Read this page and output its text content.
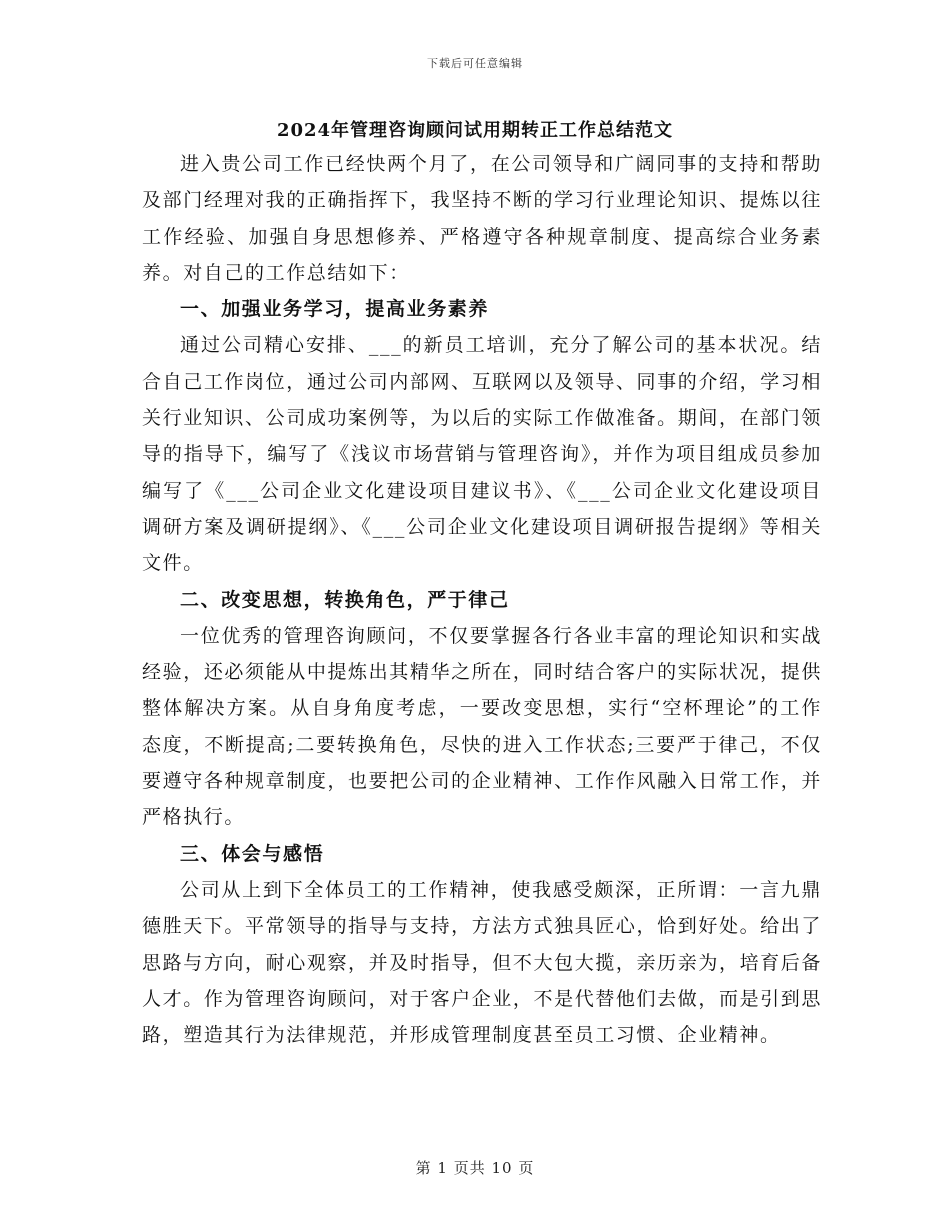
下载后可任意编辑
2024年管理咨询顾问试用期转正工作总结范文

进入贵公司工作已经快两个月了，在公司领导和广阔同事的支持和帮助及部门经理对我的正确指挥下，我坚持不断的学习行业理论知识、提炼以往工作经验、加强自身思想修养、严格遵守各种规章制度、提高综合业务素养。对自己的工作总结如下：

一、加强业务学习，提高业务素养

通过公司精心安排、___的新员工培训，充分了解公司的基本状况。结合自己工作岗位，通过公司内部网、互联网以及领导、同事的介绍，学习相关行业知识、公司成功案例等，为以后的实际工作做准备。期间，在部门领导的指导下，编写了《浅议市场营销与管理咨询》，并作为项目组成员参加编写了《___公司企业文化建设项目建议书》、《___公司企业文化建设项目调研方案及调研提纲》、《___公司企业文化建设项目调研报告提纲》等相关文件。

二、改变思想，转换角色，严于律己

一位优秀的管理咨询顾问，不仅要掌握各行各业丰富的理论知识和实战经验，还必须能从中提炼出其精华之所在，同时结合客户的实际状况，提供整体解决方案。从自身角度考虑，一要改变思想，实行“空杯理论”的工作态度，不断提高;二要转换角色，尽快的进入工作状态;三要严于律己，不仅要遵守各种规章制度，也要把公司的企业精神、工作作风融入日常工作，并严格执行。

三、体会与感悟

公司从上到下全体员工的工作精神，使我感受颇深，正所谓：一言九鼎德胜天下。平常领导的指导与支持，方法方式独具匠心，恰到好处。给出了思路与方向，耐心观察，并及时指导，但不大包大揽，亲历亲为，培育后备人才。作为管理咨询顾问，对于客户企业，不是代替他们去做，而是引到思路，塑造其行为法律规范，并形成管理制度甚至员工习惯、企业精神。

第 1 页共 10 页
